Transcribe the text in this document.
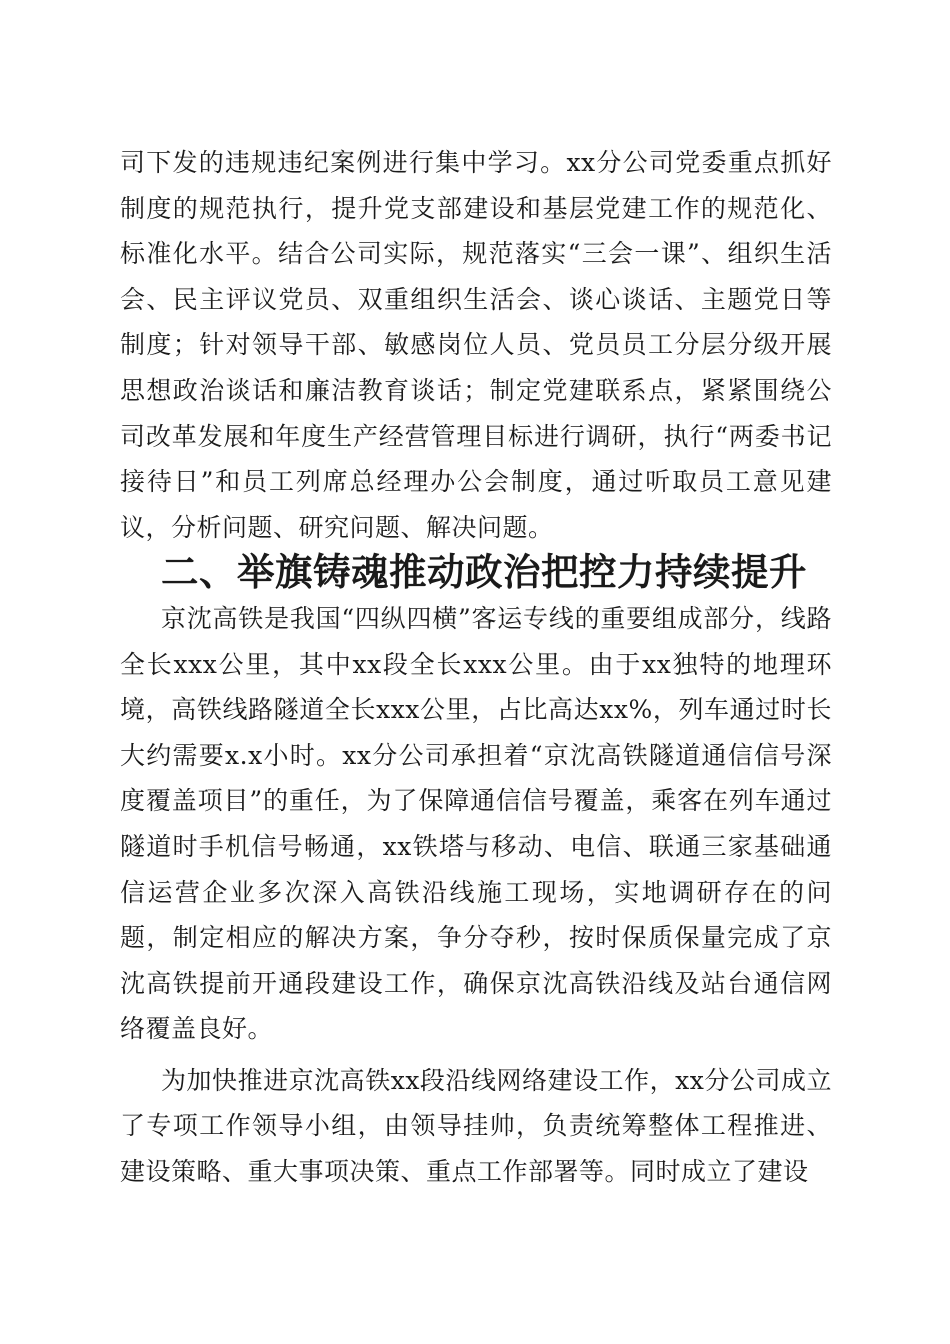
司下发的违规违纪案例进行集中学习。xx分公司党委重点抓好制度的规范执行，提升党支部建设和基层党建工作的规范化、标准化水平。结合公司实际，规范落实“三会一课”、组织生活会、民主评议党员、双重组织生活会、谈心谈话、主题党日等制度；针对领导干部、敏感岗位人员、党员员工分层分级开展思想政治谈话和廉洁教育谈话；制定党建联系点，紧紧围绕公司改革发展和年度生产经营管理目标进行调研，执行“两委书记接待日”和员工列席总经理办公会制度，通过听取员工意见建议，分析问题、研究问题、解决问题。

二、举旗铸魂推动政治把控力持续提升

京沈高铁是我国“四纵四横”客运专线的重要组成部分，线路全长xxx公里，其中xx段全长xxx公里。由于xx独特的地理环境，高铁线路隧道全长xxx公里，占比高达xx%，列车通过时长大约需要x.x小时。xx分公司承担着“京沈高铁隧道通信信号深度覆盖项目”的重任，为了保障通信信号覆盖，乘客在列车通过隧道时手机信号畅通，xx铁塔与移动、电信、联通三家基础通信运营企业多次深入高铁沿线施工现场，实地调研存在的问题，制定相应的解决方案，争分夺秒，按时保质保量完成了京沈高铁提前开通段建设工作，确保京沈高铁沿线及站台通信网络覆盖良好。

为加快推进京沈高铁xx段沿线网络建设工作，xx分公司成立了专项工作领导小组，由领导挂帅，负责统筹整体工程推进、建设策略、重大事项决策、重点工作部署等。同时成立了建设
